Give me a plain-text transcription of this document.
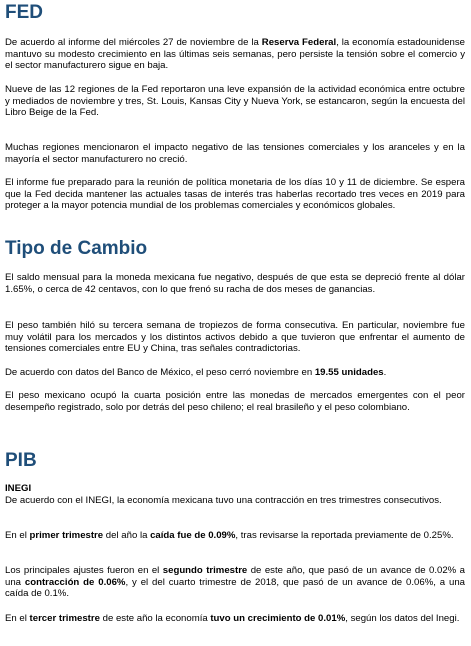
FED

De acuerdo al informe del miércoles 27 de noviembre de la Reserva Federal, la economía estadounidense mantuvo su modesto crecimiento en las últimas seis semanas, pero persiste la tensión sobre el comercio y el sector manufacturero sigue en baja.

Nueve de las 12 regiones de la Fed reportaron una leve expansión de la actividad económica entre octubre y mediados de noviembre y tres, St. Louis, Kansas City y Nueva York, se estancaron, según la encuesta del Libro Beige de la Fed.

Muchas regiones mencionaron el impacto negativo de las tensiones comerciales y los aranceles y en la mayoría el sector manufacturero no creció.

El informe fue preparado para la reunión de política monetaria de los días 10 y 11 de diciembre. Se espera que la Fed decida mantener las actuales tasas de interés tras haberlas recortado tres veces en 2019 para proteger a la mayor potencia mundial de los problemas comerciales y económicos globales.

Tipo de Cambio

El saldo mensual para la moneda mexicana fue negativo, después de que esta se depreció frente al dólar 1.65%, o cerca de 42 centavos, con lo que frenó su racha de dos meses de ganancias.

El peso también hiló su tercera semana de tropiezos de forma consecutiva. En particular, noviembre fue muy volátil para los mercados y los distintos activos debido a que tuvieron que enfrentar el aumento de tensiones comerciales entre EU y China, tras señales contradictorias.

De acuerdo con datos del Banco de México, el peso cerró noviembre en 19.55 unidades.

El peso mexicano ocupó la cuarta posición entre las monedas de mercados emergentes con el peor desempeño registrado, solo por detrás del peso chileno; el real brasileño y el peso colombiano.

PIB

INEGI

De acuerdo con el INEGI, la economía mexicana tuvo una contracción en tres trimestres consecutivos.

En el primer trimestre del año la caída fue de 0.09%, tras revisarse la reportada previamente de 0.25%.

Los principales ajustes fueron en el segundo trimestre de este año, que pasó de un avance de 0.02% a una contracción de 0.06%, y el del cuarto trimestre de 2018, que pasó de un avance de 0.06%, a una caída de 0.1%.

En el tercer trimestre de este año la economía tuvo un crecimiento de 0.01%, según los datos del Inegi.
